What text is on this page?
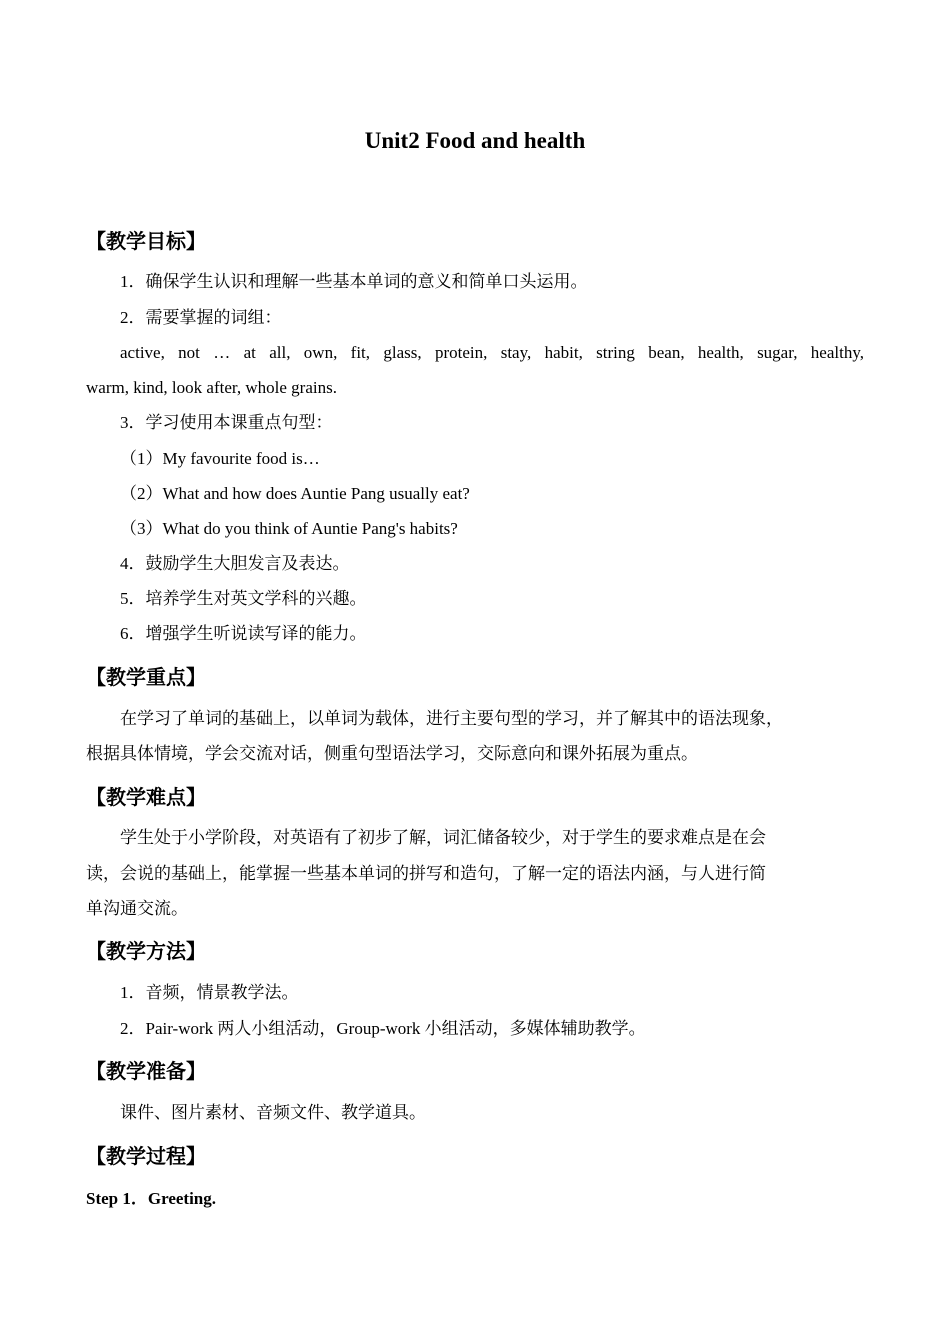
Unit2 Food and health
【教学目标】
1．确保学生认识和理解一些基本单词的意义和简单口头运用。
2．需要掌握的词组：
active, not … at all, own, fit, glass, protein, stay, habit, string bean, health, sugar, healthy,
warm, kind, look after, whole grains.
3．学习使用本课重点句型：
（1）My favourite food is…
（2）What and how does Auntie Pang usually eat?
（3）What do you think of Auntie Pang's habits?
4．鼓励学生大胆发言及表达。
5．培养学生对英文学科的兴趣。
6．增强学生听说读写译的能力。
【教学重点】
在学习了单词的基础上，以单词为载体，进行主要句型的学习，并了解其中的语法现象，
根据具体情境，学会交流对话，侧重句型语法学习，交际意向和课外拓展为重点。
【教学难点】
学生处于小学阶段，对英语有了初步了解，词汇储备较少，对于学生的要求难点是在会
读，会说的基础上，能掌握一些基本单词的拼写和造句，了解一定的语法内涵，与人进行简
单沟通交流。
【教学方法】
1．音频，情景教学法。
2．Pair-work 两人小组活动，Group-work 小组活动，多媒体辅助教学。
【教学准备】
课件、图片素材、音频文件、教学道具。
【教学过程】
Step 1．Greeting.
